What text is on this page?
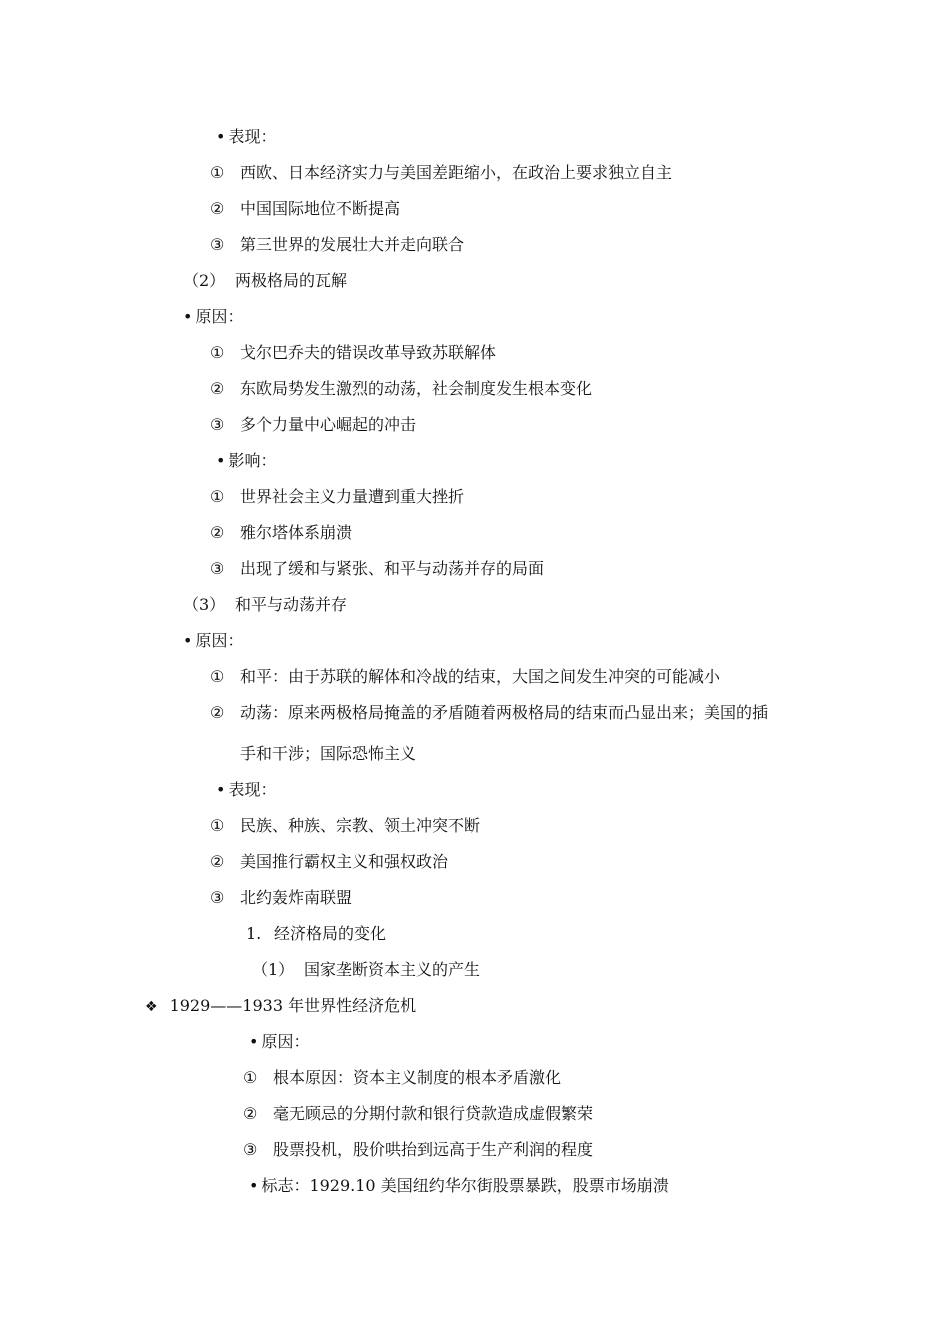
• 表现：
① 西欧、日本经济实力与美国差距缩小，在政治上要求独立自主
② 中国国际地位不断提高
③ 第三世界的发展壮大并走向联合
（2） 两极格局的瓦解
• 原因：
① 戈尔巴乔夫的错误改革导致苏联解体
② 东欧局势发生激烈的动荡，社会制度发生根本变化
③ 多个力量中心崛起的冲击
• 影响：
① 世界社会主义力量遭到重大挫折
② 雅尔塔体系崩溃
③ 出现了缓和与紧张、和平与动荡并存的局面
（3） 和平与动荡并存
• 原因：
① 和平：由于苏联的解体和冷战的结束，大国之间发生冲突的可能减小
② 动荡：原来两极格局掩盖的矛盾随着两极格局的结束而凸显出来；美国的插
手和干涉；国际恐怖主义
• 表现：
① 民族、种族、宗教、领土冲突不断
② 美国推行霸权主义和强权政治
③ 北约轰炸南联盟
1. 经济格局的变化
（1） 国家垄断资本主义的产生
❖ 1929——1933 年世界性经济危机
• 原因：
① 根本原因：资本主义制度的根本矛盾激化
② 毫无顾忌的分期付款和银行贷款造成虚假繁荣
③ 股票投机，股价哄抬到远高于生产利润的程度
• 标志：1929.10 美国纽约华尔街股票暴跌，股票市场崩溃
